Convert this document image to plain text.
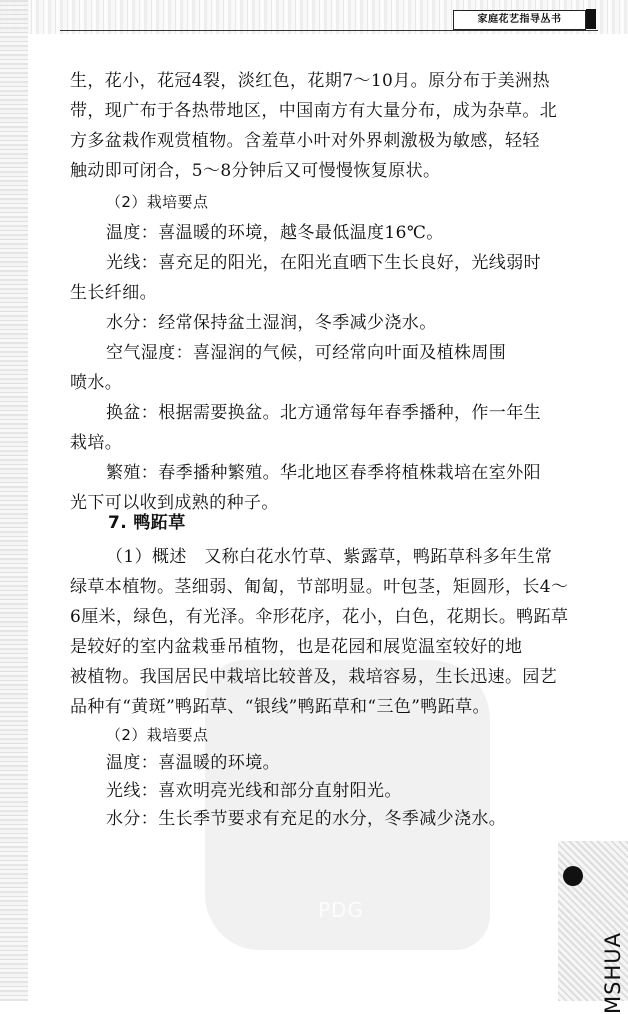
PDG
家庭花艺指导丛书
生，花小，花冠4裂，淡红色，花期7～10月。原分布于美洲热
带，现广布于各热带地区，中国南方有大量分布，成为杂草。北
方多盆栽作观赏植物。含羞草小叶对外界刺激极为敏感，轻轻
触动即可闭合，5～8分钟后又可慢慢恢复原状。
（2）栽培要点
温度：喜温暖的环境，越冬最低温度16℃。
光线：喜充足的阳光，在阳光直晒下生长良好，光线弱时
生长纤细。
水分：经常保持盆土湿润，冬季减少浇水。
空气湿度：喜湿润的气候，可经常向叶面及植株周围
喷水。
换盆：根据需要换盆。北方通常每年春季播种，作一年生
栽培。
繁殖：春季播种繁殖。华北地区春季将植株栽培在室外阳
光下可以收到成熟的种子。
7. 鸭跖草
（1）概述　又称白花水竹草、紫露草，鸭跖草科多年生常
绿草本植物。茎细弱、匍匐，节部明显。叶包茎，矩圆形，长4～
6厘米，绿色，有光泽。伞形花序，花小，白色，花期长。鸭跖草
是较好的室内盆栽垂吊植物，也是花园和展览温室较好的地
被植物。我国居民中栽培比较普及，栽培容易，生长迅速。园艺
品种有“黄斑”鸭跖草、“银线”鸭跖草和“三色”鸭跖草。
（2）栽培要点
温度：喜温暖的环境。
光线：喜欢明亮光线和部分直射阳光。
水分：生长季节要求有充足的水分，冬季减少浇水。
MSHUA
